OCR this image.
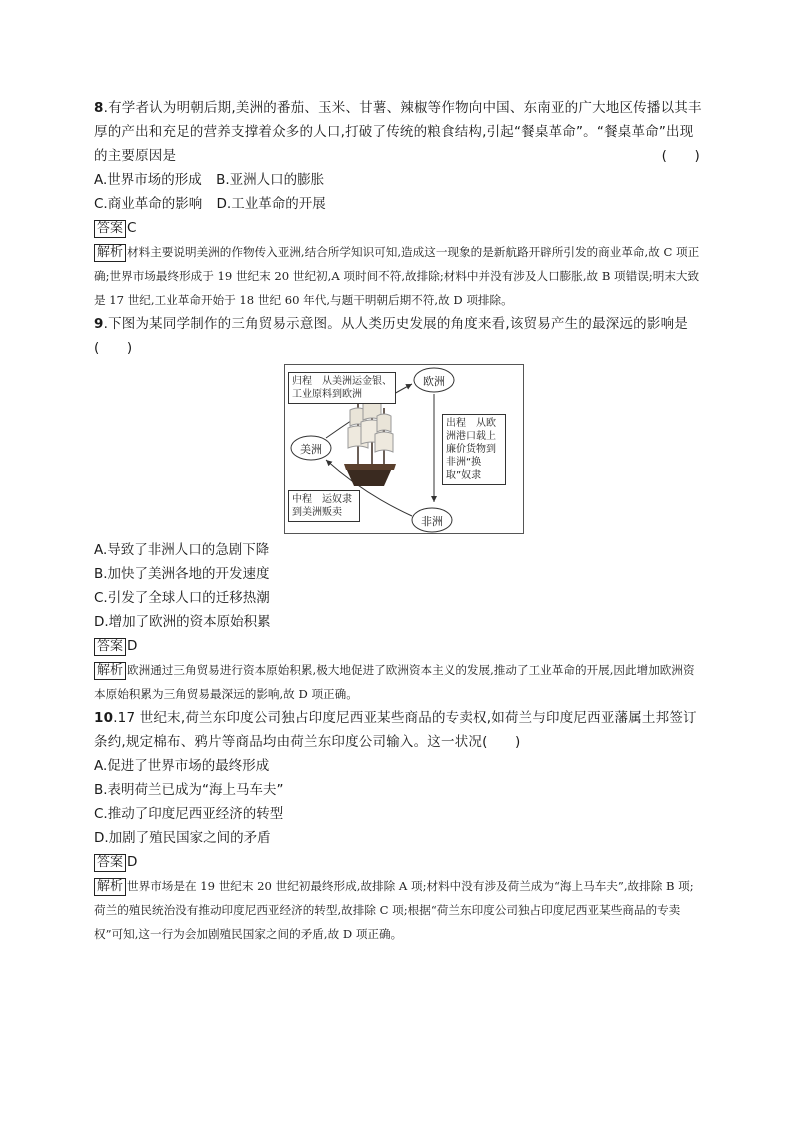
8.有学者认为明朝后期,美洲的番茄、玉米、甘薯、辣椒等作物向中国、东南亚的广大地区传播以其丰厚的产出和充足的营养支撑着众多的人口,打破了传统的粮食结构,引起“餐桌革命”。“餐桌革命”出现的主要原因是	(　　)
A.世界市场的形成 B.亚洲人口的膨胀
C.商业革命的影响 D.工业革命的开展
答案 C
解析 材料主要说明美洲的作物传入亚洲,结合所学知识可知,造成这一现象的是新航路开辟所引发的商业革命,故 C 项正确;世界市场最终形成于 19 世纪末 20 世纪初,A 项时间不符,故排除;材料中并没有涉及人口膨胀,故 B 项错误;明末大致是 17 世纪,工业革命开始于 18 世纪 60 年代,与题干明朝后期不符,故 D 项排除。
9.下图为某同学制作的三角贸易示意图。从人类历史发展的角度来看,该贸易产生的最深远的影响是(　　)
欧洲
美洲
非洲
归程　从美洲运金银、工业原料到欧洲
出程　从欧洲港口载上廉价货物到非洲“换取”奴隶
中程　运奴隶到美洲贩卖
A.导致了非洲人口的急剧下降
B.加快了美洲各地的开发速度
C.引发了全球人口的迁移热潮
D.增加了欧洲的资本原始积累
答案 D
解析 欧洲通过三角贸易进行资本原始积累,极大地促进了欧洲资本主义的发展,推动了工业革命的开展,因此增加欧洲资本原始积累为三角贸易最深远的影响,故 D 项正确。
10.17 世纪末,荷兰东印度公司独占印度尼西亚某些商品的专卖权,如荷兰与印度尼西亚藩属土邦签订条约,规定棉布、鸦片等商品均由荷兰东印度公司输入。这一状况(　　)
A.促进了世界市场的最终形成
B.表明荷兰已成为“海上马车夫”
C.推动了印度尼西亚经济的转型
D.加剧了殖民国家之间的矛盾
答案 D
解析 世界市场是在 19 世纪末 20 世纪初最终形成,故排除 A 项;材料中没有涉及荷兰成为“海上马车夫”,故排除 B 项;荷兰的殖民统治没有推动印度尼西亚经济的转型,故排除 C 项;根据“荷兰东印度公司独占印度尼西亚某些商品的专卖权”可知,这一行为会加剧殖民国家之间的矛盾,故 D 项正确。
